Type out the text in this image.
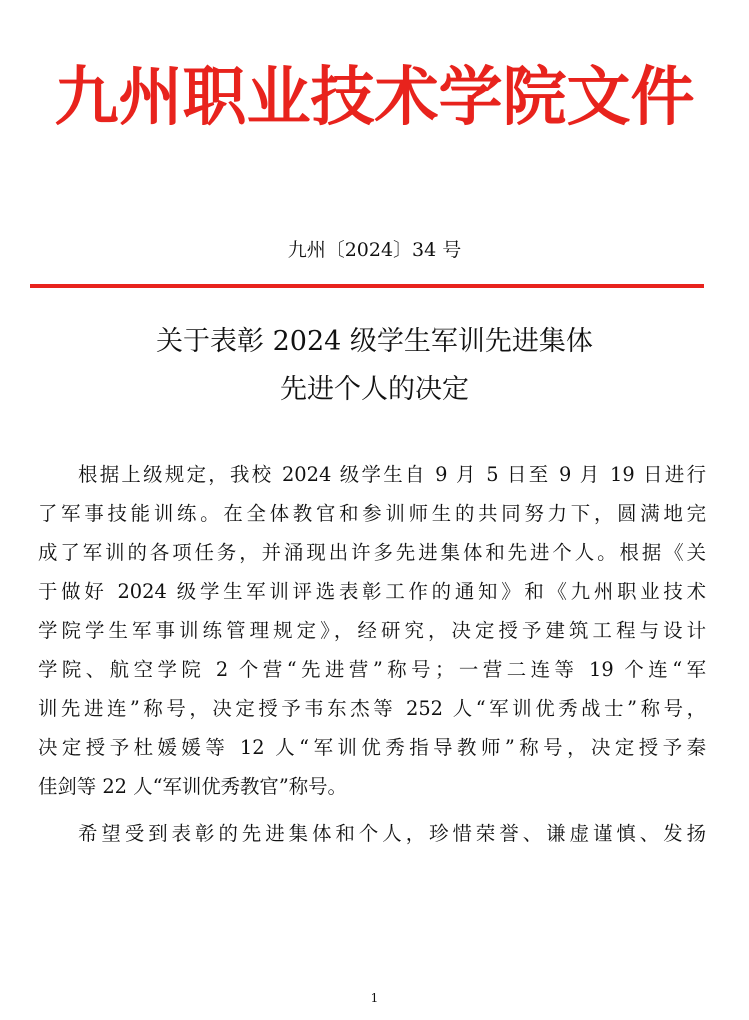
九州职业技术学院文件
九州〔2024〕34 号
关于表彰 2024 级学生军训先进集体
先进个人的决定
根据上级规定，我校 2024 级学生自 9 月 5 日至 9 月 19 日进行
了军事技能训练。在全体教官和参训师生的共同努力下，圆满地完
成了军训的各项任务，并涌现出许多先进集体和先进个人。根据《关
于做好 2024 级学生军训评选表彰工作的通知》和《九州职业技术
学院学生军事训练管理规定》，经研究，决定授予建筑工程与设计
学院、航空学院 2 个营“先进营”称号；一营二连等 19 个连“军
训先进连”称号，决定授予韦东杰等 252 人“军训优秀战士”称号，
决定授予杜媛媛等 12 人“军训优秀指导教师”称号，决定授予秦
佳剑等 22 人“军训优秀教官”称号。
希望受到表彰的先进集体和个人，珍惜荣誉、谦虚谨慎、发扬
1
